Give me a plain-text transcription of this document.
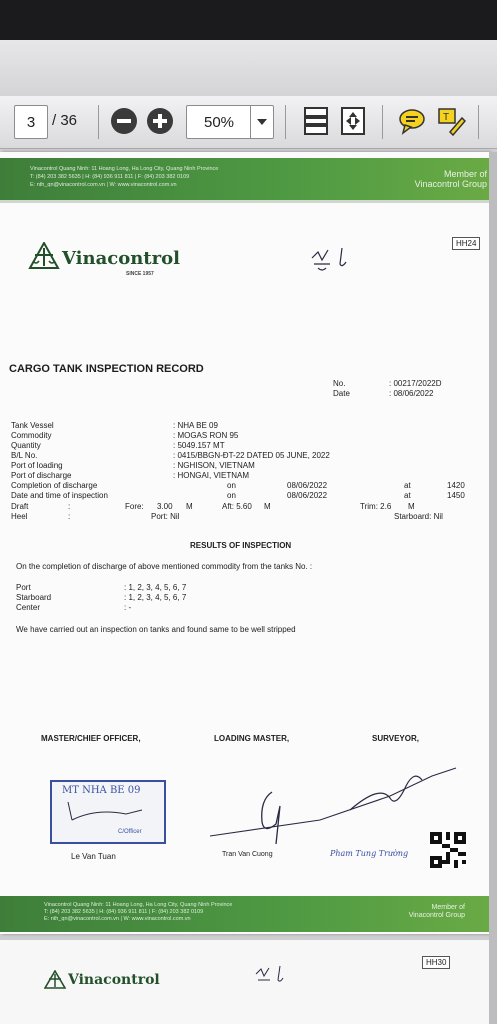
3 / 36	50%	T
Vinacontrol Quang Ninh: 11 Hoang Long, Ha Long City, Quang Ninh Province
T: (84) 203 382 5635 | H: (84) 936 911 811 | F: (84) 203 382 0109
E: nth_qn@vinacontrol.com.vn | W: www.vinacontrol.com.vn
Member of
Vinacontrol Group
Vinacontrol
SINCE 1957
HH24
CARGO TANK INSPECTION RECORD
No.	: 00217/2022D
Date	: 08/06/2022
Tank Vessel	: NHA BE 09
Commodity	: MOGAS RON 95
Quantity	: 5049.157 MT
B/L No.	: 0415/BBGN-ĐT-22 DATED 05 JUNE, 2022
Port of loading	: NGHISON, VIETNAM
Port of discharge	: HONGAI, VIETNAM
Completion of discharge	on	08/06/2022	at	1420
Date and time of inspection	on	08/06/2022	at	1450
Draft	:	Fore: 3.00 M	Aft: 5.60 M	Trim: 2.6 M
Heel	:	Port: Nil	Starboard: Nil
RESULTS OF INSPECTION
On the completion of discharge of above mentioned commodity from the tanks No. :
Port	: 1, 2, 3, 4, 5, 6, 7
Starboard	: 1, 2, 3, 4, 5, 6, 7
Center	: -
We have carried out an inspection on tanks and found same to be well stripped
MASTER/CHIEF OFFICER,	LOADING MASTER,	SURVEYOR,
MT NHA BE 09
C/Officer
Le Van Tuan	Tran Van Cuong	Pham Tung Trường
Vinacontrol Quang Ninh: 11 Hoang Long, Ha Long City, Quang Ninh Province
T: (84) 203 382 5635 | H: (84) 936 911 811 | F: (84) 203 382 0109
E: nth_qn@vinacontrol.com.vn | W: www.vinacontrol.com.vn
Member of
Vinacontrol Group
HH30
Vinacontrol
